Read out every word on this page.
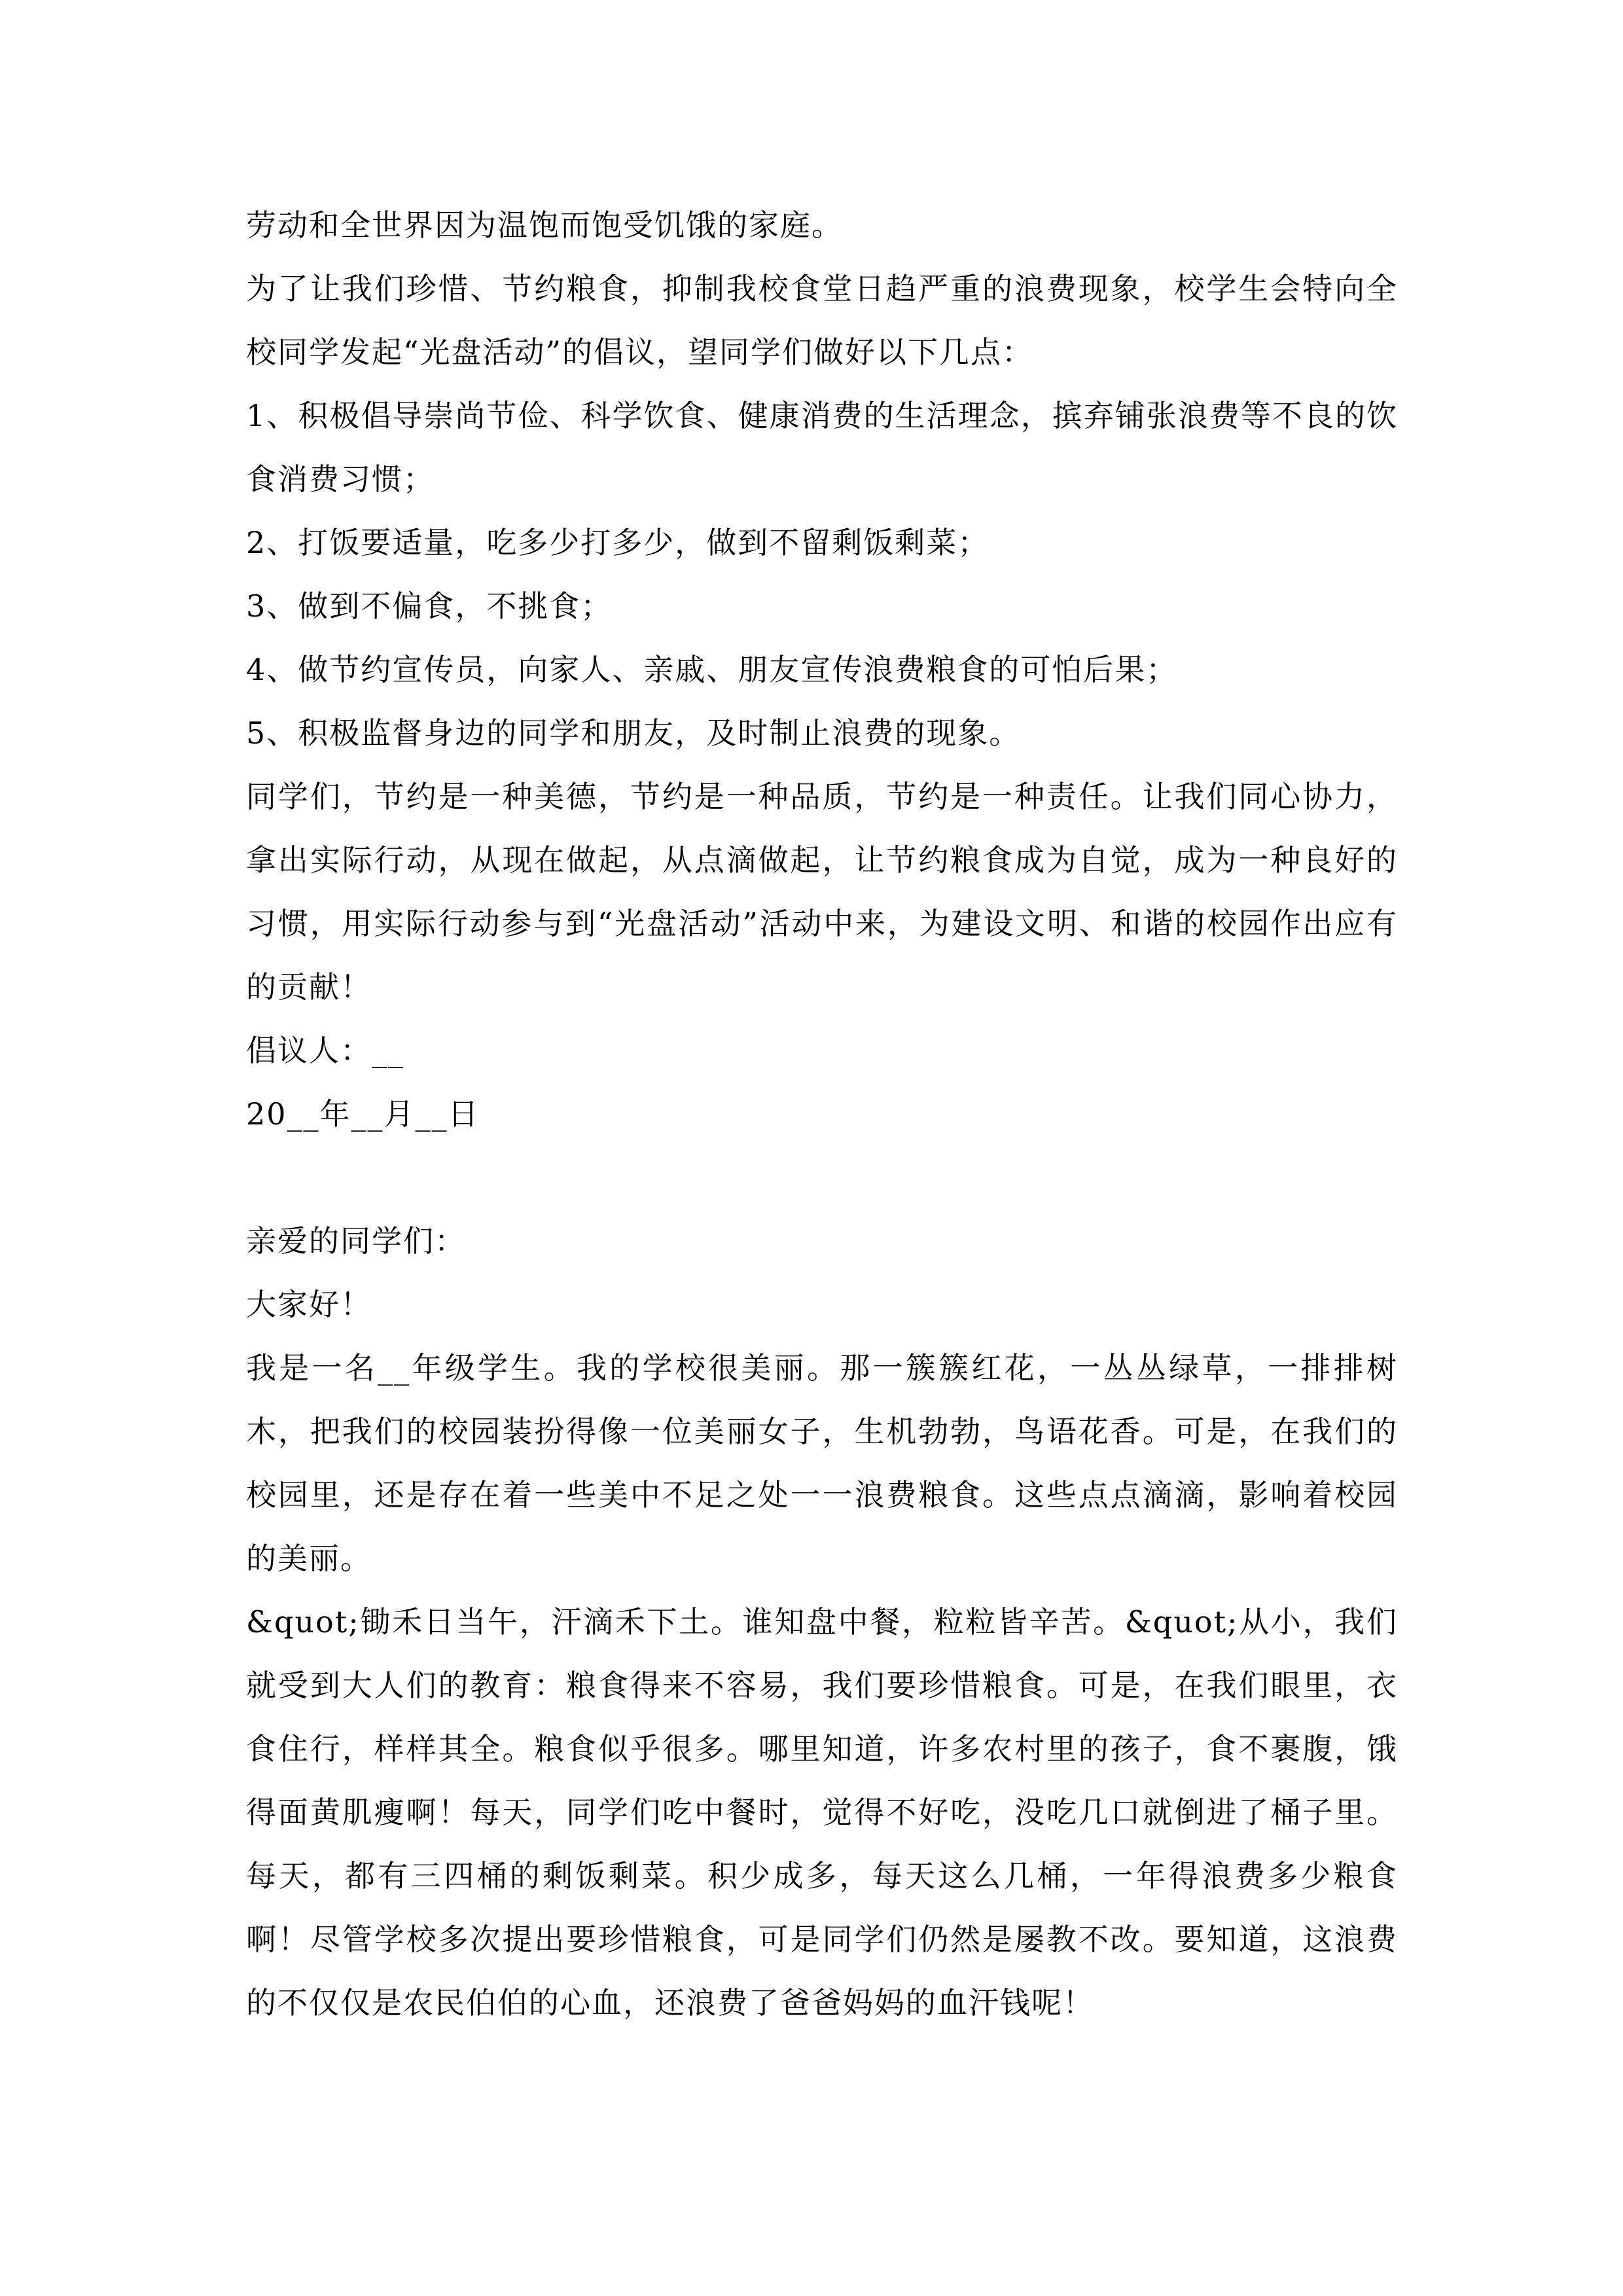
劳动和全世界因为温饱而饱受饥饿的家庭。

为了让我们珍惜、节约粮食，抑制我校食堂日趋严重的浪费现象，校学生会特向全校同学发起“光盘活动”的倡议，望同学们做好以下几点：

1、积极倡导崇尚节俭、科学饮食、健康消费的生活理念，摈弃铺张浪费等不良的饮食消费习惯；

2、打饭要适量，吃多少打多少，做到不留剩饭剩菜；

3、做到不偏食，不挑食；

4、做节约宣传员，向家人、亲戚、朋友宣传浪费粮食的可怕后果；

5、积极监督身边的同学和朋友，及时制止浪费的现象。

同学们，节约是一种美德，节约是一种品质，节约是一种责任。让我们同心协力，拿出实际行动，从现在做起，从点滴做起，让节约粮食成为自觉，成为一种良好的习惯，用实际行动参与到“光盘活动”活动中来，为建设文明、和谐的校园作出应有的贡献！

倡议人：__

20__年__月__日

亲爱的同学们：

大家好！

我是一名__年级学生。我的学校很美丽。那一簇簇红花，一丛丛绿草，一排排树木，把我们的校园装扮得像一位美丽女子，生机勃勃，鸟语花香。可是，在我们的校园里，还是存在着一些美中不足之处一一浪费粮食。这些点点滴滴，影响着校园的美丽。

&quot;锄禾日当午，汗滴禾下土。谁知盘中餐，粒粒皆辛苦。&quot;从小，我们就受到大人们的教育：粮食得来不容易，我们要珍惜粮食。可是，在我们眼里，衣食住行，样样其全。粮食似乎很多。哪里知道，许多农村里的孩子，食不裹腹，饿得面黄肌瘦啊！每天，同学们吃中餐时，觉得不好吃，没吃几口就倒进了桶子里。每天，都有三四桶的剩饭剩菜。积少成多，每天这么几桶，一年得浪费多少粮食啊！尽管学校多次提出要珍惜粮食，可是同学们仍然是屡教不改。要知道，这浪费的不仅仅是农民伯伯的心血，还浪费了爸爸妈妈的血汗钱呢！
